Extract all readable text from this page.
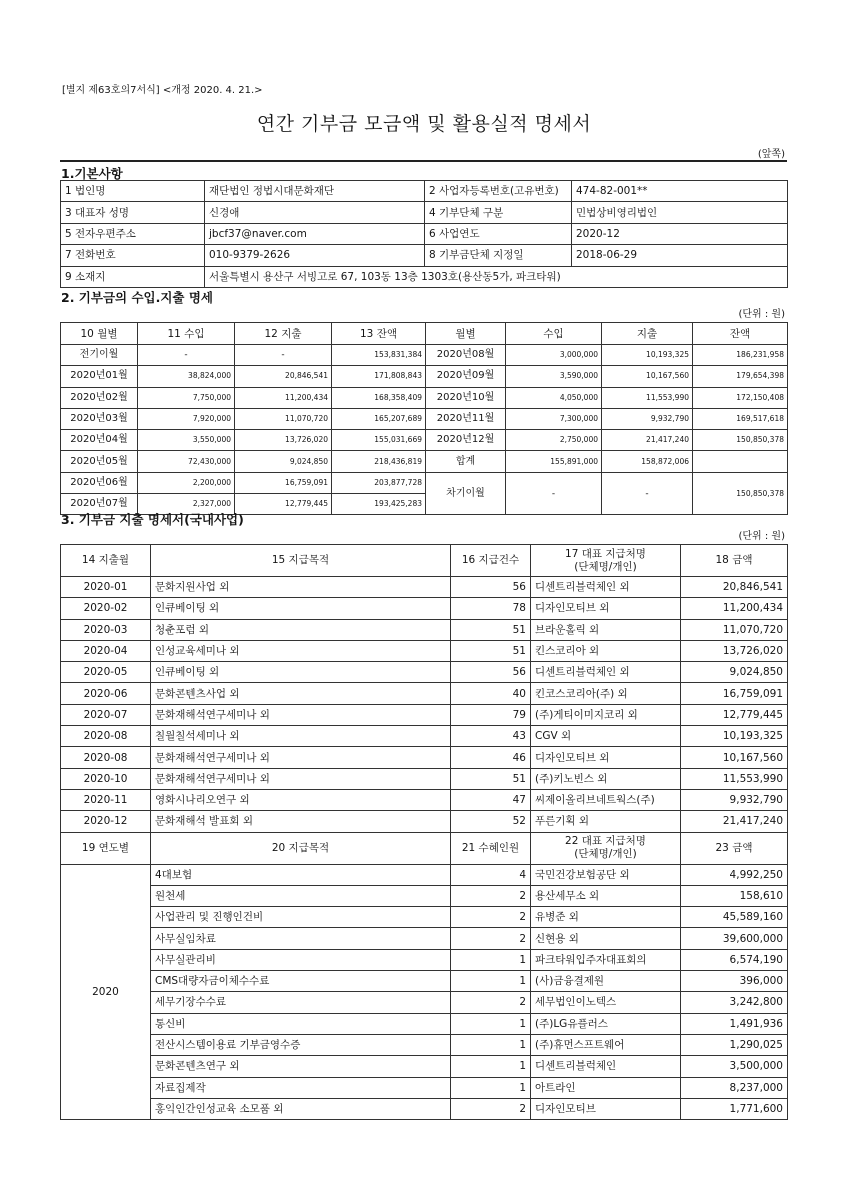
[별지 제63호의7서식] <개정 2020. 4. 21.>
연간 기부금 모금액 및 활용실적 명세서
(앞쪽)
1.기본사항
1 법인명	재단법인 정법시대문화재단	2 사업자등록번호(고유번호)	474-82-001**
3 대표자 성명	신경애	4 기부단체 구분	민법상비영리법인
5 전자우편주소	jbcf37@naver.com	6 사업연도	2020-12
7 전화번호	010-9379-2626	8 기부금단체 지정일	2018-06-29
9 소재지	서울특별시 용산구 서빙고로 67, 103동 13층 1303호(용산동5가, 파크타워)		
2. 기부금의 수입.지출 명세
(단위 : 원)
10 월별	11 수입	12 지출	13 잔액	월별	수입	지출	잔액
전기이월	-	-	153,831,384	2020년08월	3,000,000	10,193,325	186,231,958
2020년01월	38,824,000	20,846,541	171,808,843	2020년09월	3,590,000	10,167,560	179,654,398
2020년02월	7,750,000	11,200,434	168,358,409	2020년10월	4,050,000	11,553,990	172,150,408
2020년03월	7,920,000	11,070,720	165,207,689	2020년11월	7,300,000	9,932,790	169,517,618
2020년04월	3,550,000	13,726,020	155,031,669	2020년12월	2,750,000	21,417,240	150,850,378
2020년05월	72,430,000	9,024,850	218,436,819	합계	155,891,000	158,872,006	
2020년06월	2,200,000	16,759,091	203,877,728	차기이월	-	-	150,850,378
2020년07월	2,327,000	12,779,445	193,425,283				
3. 기부금 지출 명세서(국내사업)
(단위 : 원)
14 지출월	15 지급목적	16 지급건수	17 대표 지급처명
(단체명/개인)	18 금액
2020-01	문화지원사업 외	56	디센트리블럭체인 외	20,846,541
2020-02	인큐베이팅 외	78	디자인모티브 외	11,200,434
2020-03	청춘포럼 외	51	브라운홀릭 외	11,070,720
2020-04	인성교육세미나 외	51	킨스코리아 외	13,726,020
2020-05	인큐베이팅 외	56	디센트리블럭체인 외	9,024,850
2020-06	문화콘텐츠사업 외	40	킨코스코리아(주) 외	16,759,091
2020-07	문화재해석연구세미나 외	79	(주)게티이미지코리 외	12,779,445
2020-08	칠월칠석세미나 외	43	CGV 외	10,193,325
2020-08	문화재해석연구세미나 외	46	디자인모티브 외	10,167,560
2020-10	문화재해석연구세미나 외	51	(주)키노빈스 외	11,553,990
2020-11	영화시나리오연구 외	47	씨제이올리브네트웍스(주)	9,932,790
2020-12	문화재해석 발표회 외	52	푸른기획 외	21,417,240
19 연도별	20 지급목적	21 수혜인원	22 대표 지급처명
(단체명/개인)	23 금액
2020	4대보험	4	국민건강보험공단 외	4,992,250
	원천세	2	용산세무소 외	158,610
	사업관리 및 진행인건비	2	유병준 외	45,589,160
	사무실임차료	2	신현용 외	39,600,000
	사무실관리비	1	파크타워입주자대표회의	6,574,190
	CMS대량자금이체수수료	1	(사)금융결제원	396,000
	세무기장수수료	2	세무법인이노텍스	3,242,800
	통신비	1	(주)LG유플러스	1,491,936
	전산시스템이용료 기부금영수증	1	(주)휴먼스프트웨어	1,290,025
	문화콘텐츠연구 외	1	디센트리블럭체인	3,500,000
	자료집제작	1	아트라인	8,237,000
	홍익인간인성교육 소모품 외	2	디자인모티브	1,771,600
